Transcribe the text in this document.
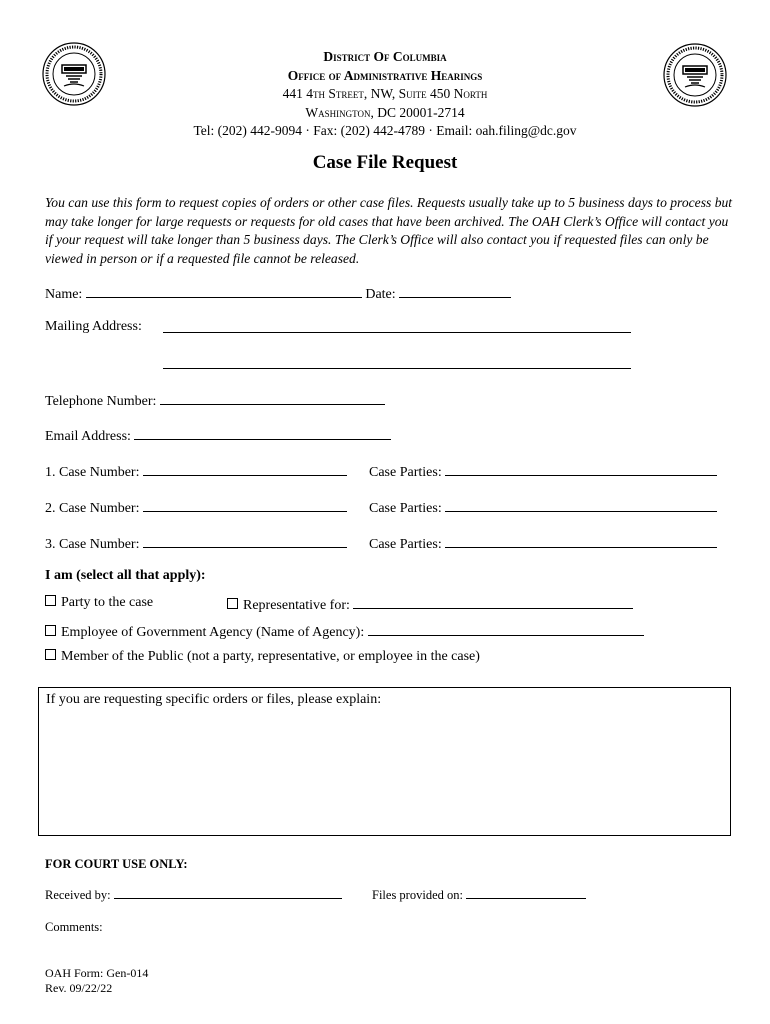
District Of Columbia
Office of Administrative Hearings
441 4th Street, NW, Suite 450 North
Washington, DC 20001-2714
Tel: (202) 442-9094 · Fax: (202) 442-4789 · Email: oah.filing@dc.gov
Case File Request
You can use this form to request copies of orders or other case files. Requests usually take up to 5 business days to process but may take longer for large requests or requests for old cases that have been archived. The OAH Clerk’s Office will contact you if your request will take longer than 5 business days. The Clerk’s Office will also contact you if requested files can only be viewed in person or if a requested file cannot be released.
Name:	Date:
Mailing Address:
Telephone Number:
Email Address:
1. Case Number:	Case Parties:
2. Case Number:	Case Parties:
3. Case Number:	Case Parties:
I am (select all that apply):
Party to the case	Representative for:
Employee of Government Agency (Name of Agency):
Member of the Public (not a party, representative, or employee in the case)
If you are requesting specific orders or files, please explain:
FOR COURT USE ONLY:
Received by:	Files provided on:
Comments:
OAH Form: Gen-014
Rev. 09/22/22
